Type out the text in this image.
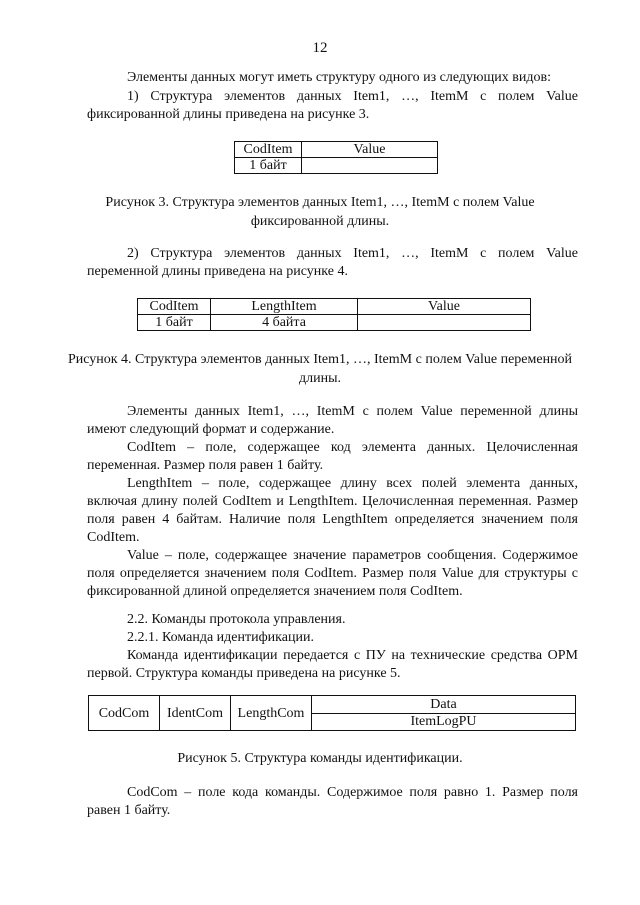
12
Элементы данных могут иметь структуру одного из следующих видов:
1) Структура элементов данных Item1, …, ItemM с полем Value фиксированной длины приведена на рисунке 3.
CodItem	Value
1 байт	
Рисунок 3. Структура элементов данных Item1, …, ItemM с полем Value фиксированной длины.
2) Структура элементов данных Item1, …, ItemM с полем Value переменной длины приведена на рисунке 4.
CodItem	LengthItem	Value
1 байт	4 байта	
Рисунок 4. Структура элементов данных Item1, …, ItemM с полем Value переменной длины.
Элементы данных Item1, …, ItemM с полем Value переменной длины имеют следующий формат и содержание.
CodItem – поле, содержащее код элемента данных. Целочисленная переменная. Размер поля равен 1 байту.
LengthItem – поле, содержащее длину всех полей элемента данных, включая длину полей CodItem и LengthItem. Целочисленная переменная. Размер поля равен 4 байтам. Наличие поля LengthItem определяется значением поля CodItem.
Value – поле, содержащее значение параметров сообщения. Содержимое поля определяется значением поля CodItem. Размер поля Value для структуры с фиксированной длиной определяется значением поля CodItem.
2.2. Команды протокола управления.
2.2.1. Команда идентификации.
Команда идентификации передается с ПУ на технические средства ОРМ первой. Структура команды приведена на рисунке 5.
CodCom	IdentCom	LengthCom	Data
ItemLogPU
Рисунок 5. Структура команды идентификации.
CodCom – поле кода команды. Содержимое поля равно 1. Размер поля равен 1 байту.
